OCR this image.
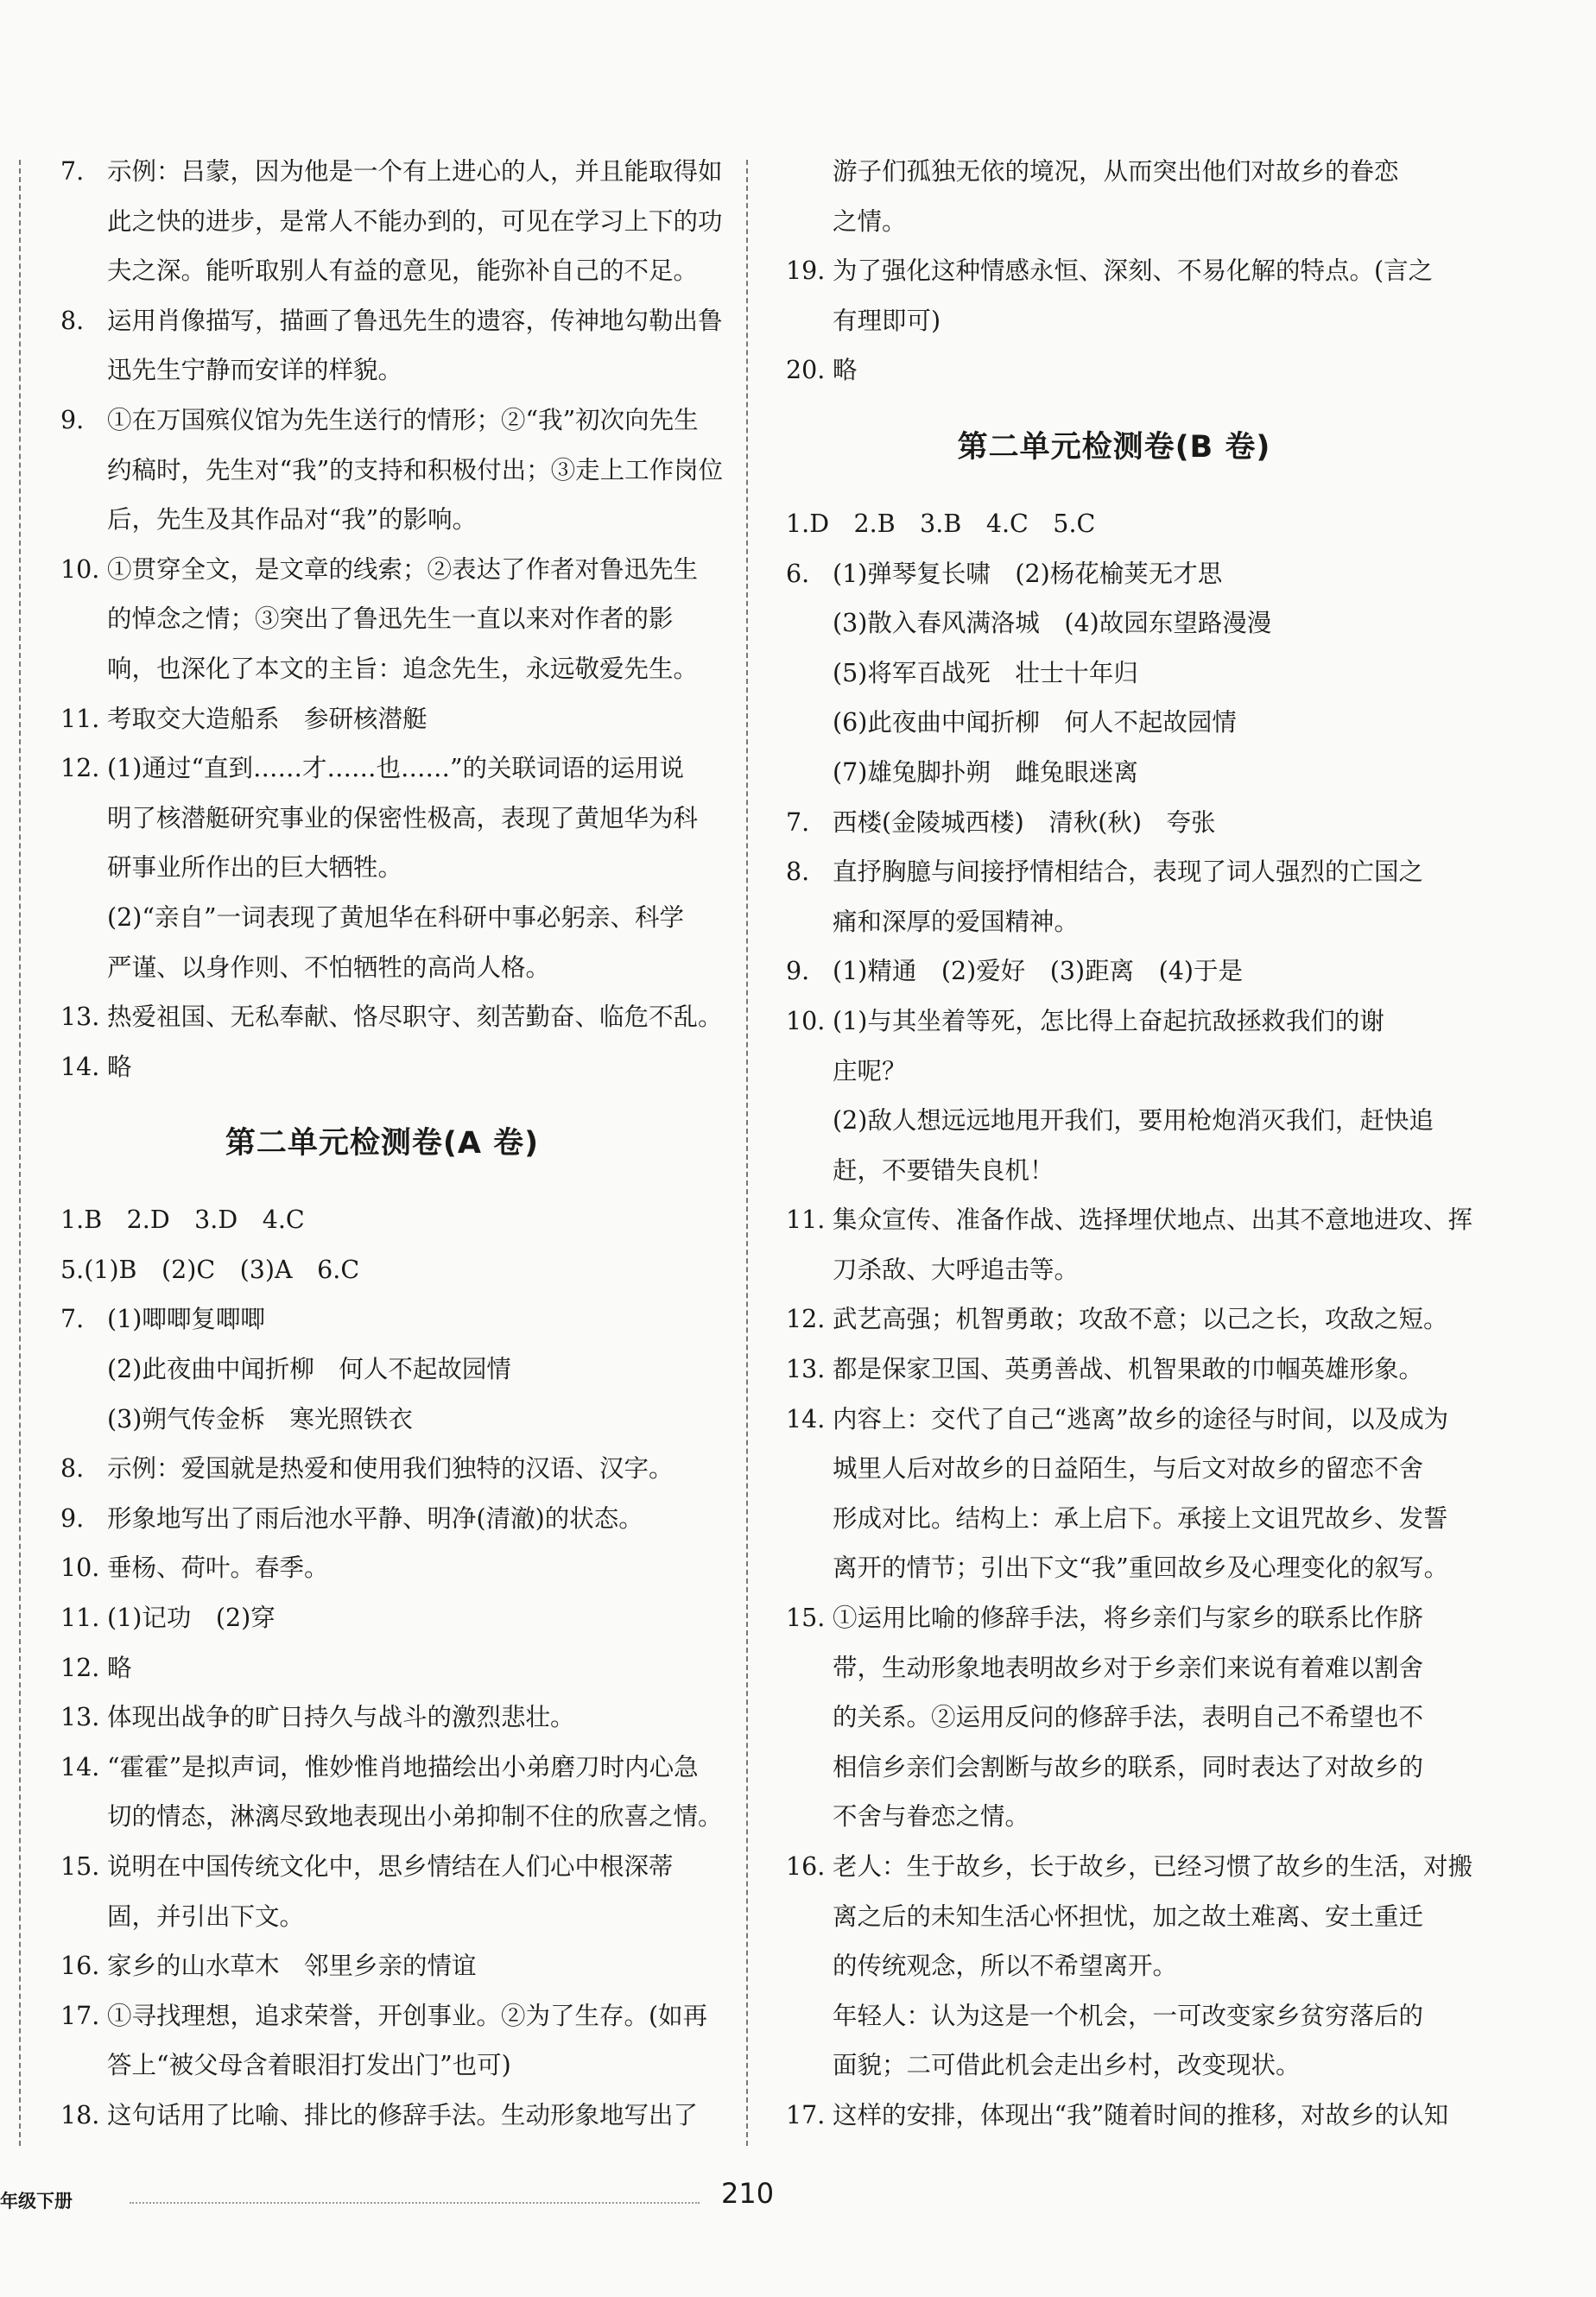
7. 示例：吕蒙，因为他是一个有上进心的人，并且能取得如
此之快的进步，是常人不能办到的，可见在学习上下的功
夫之深。能听取别人有益的意见，能弥补自己的不足。
8. 运用肖像描写，描画了鲁迅先生的遗容，传神地勾勒出鲁
迅先生宁静而安详的样貌。
9. ①在万国殡仪馆为先生送行的情形；②“我”初次向先生
约稿时，先生对“我”的支持和积极付出；③走上工作岗位
后，先生及其作品对“我”的影响。
10. ①贯穿全文，是文章的线索；②表达了作者对鲁迅先生
的悼念之情；③突出了鲁迅先生一直以来对作者的影
响，也深化了本文的主旨：追念先生，永远敬爱先生。
11. 考取交大造船系　参研核潜艇
12. (1)通过“直到……才……也……”的关联词语的运用说
明了核潜艇研究事业的保密性极高，表现了黄旭华为科
研事业所作出的巨大牺牲。
(2)“亲自”一词表现了黄旭华在科研中事必躬亲、科学
严谨、以身作则、不怕牺牲的高尚人格。
13. 热爱祖国、无私奉献、恪尽职守、刻苦勤奋、临危不乱。
14. 略
第二单元检测卷(A 卷)
1.B　2.D　3.D　4.C
5.(1)B　(2)C　(3)A　6.C
7. (1)唧唧复唧唧
(2)此夜曲中闻折柳　何人不起故园情
(3)朔气传金柝　寒光照铁衣
8. 示例：爱国就是热爱和使用我们独特的汉语、汉字。
9. 形象地写出了雨后池水平静、明净(清澈)的状态。
10. 垂杨、荷叶。春季。
11. (1)记功　(2)穿
12. 略
13. 体现出战争的旷日持久与战斗的激烈悲壮。
14. “霍霍”是拟声词，惟妙惟肖地描绘出小弟磨刀时内心急
切的情态，淋漓尽致地表现出小弟抑制不住的欣喜之情。
15. 说明在中国传统文化中，思乡情结在人们心中根深蒂
固，并引出下文。
16. 家乡的山水草木　邻里乡亲的情谊
17. ①寻找理想，追求荣誉，开创事业。②为了生存。(如再
答上“被父母含着眼泪打发出门”也可)
18. 这句话用了比喻、排比的修辞手法。生动形象地写出了
游子们孤独无依的境况，从而突出他们对故乡的眷恋
之情。
19. 为了强化这种情感永恒、深刻、不易化解的特点。(言之
有理即可)
20. 略
第二单元检测卷(B 卷)
1.D　2.B　3.B　4.C　5.C
6. (1)弹琴复长啸　(2)杨花榆荚无才思
(3)散入春风满洛城　(4)故园东望路漫漫
(5)将军百战死　壮士十年归
(6)此夜曲中闻折柳　何人不起故园情
(7)雄兔脚扑朔　雌兔眼迷离
7. 西楼(金陵城西楼)　清秋(秋)　夸张
8. 直抒胸臆与间接抒情相结合，表现了词人强烈的亡国之
痛和深厚的爱国精神。
9. (1)精通　(2)爱好　(3)距离　(4)于是
10. (1)与其坐着等死，怎比得上奋起抗敌拯救我们的谢
庄呢？
(2)敌人想远远地甩开我们，要用枪炮消灭我们，赶快追
赶，不要错失良机！
11. 集众宣传、准备作战、选择埋伏地点、出其不意地进攻、挥
刀杀敌、大呼追击等。
12. 武艺高强；机智勇敢；攻敌不意；以己之长，攻敌之短。
13. 都是保家卫国、英勇善战、机智果敢的巾帼英雄形象。
14. 内容上：交代了自己“逃离”故乡的途径与时间，以及成为
城里人后对故乡的日益陌生，与后文对故乡的留恋不舍
形成对比。结构上：承上启下。承接上文诅咒故乡、发誓
离开的情节；引出下文“我”重回故乡及心理变化的叙写。
15. ①运用比喻的修辞手法，将乡亲们与家乡的联系比作脐
带，生动形象地表明故乡对于乡亲们来说有着难以割舍
的关系。②运用反问的修辞手法，表明自己不希望也不
相信乡亲们会割断与故乡的联系，同时表达了对故乡的
不舍与眷恋之情。
16. 老人：生于故乡，长于故乡，已经习惯了故乡的生活，对搬
离之后的未知生活心怀担忧，加之故土难离、安土重迁
的传统观念，所以不希望离开。
年轻人：认为这是一个机会，一可改变家乡贫穷落后的
面貌；二可借此机会走出乡村，改变现状。
17. 这样的安排，体现出“我”随着时间的推移，对故乡的认知
年级下册	210
